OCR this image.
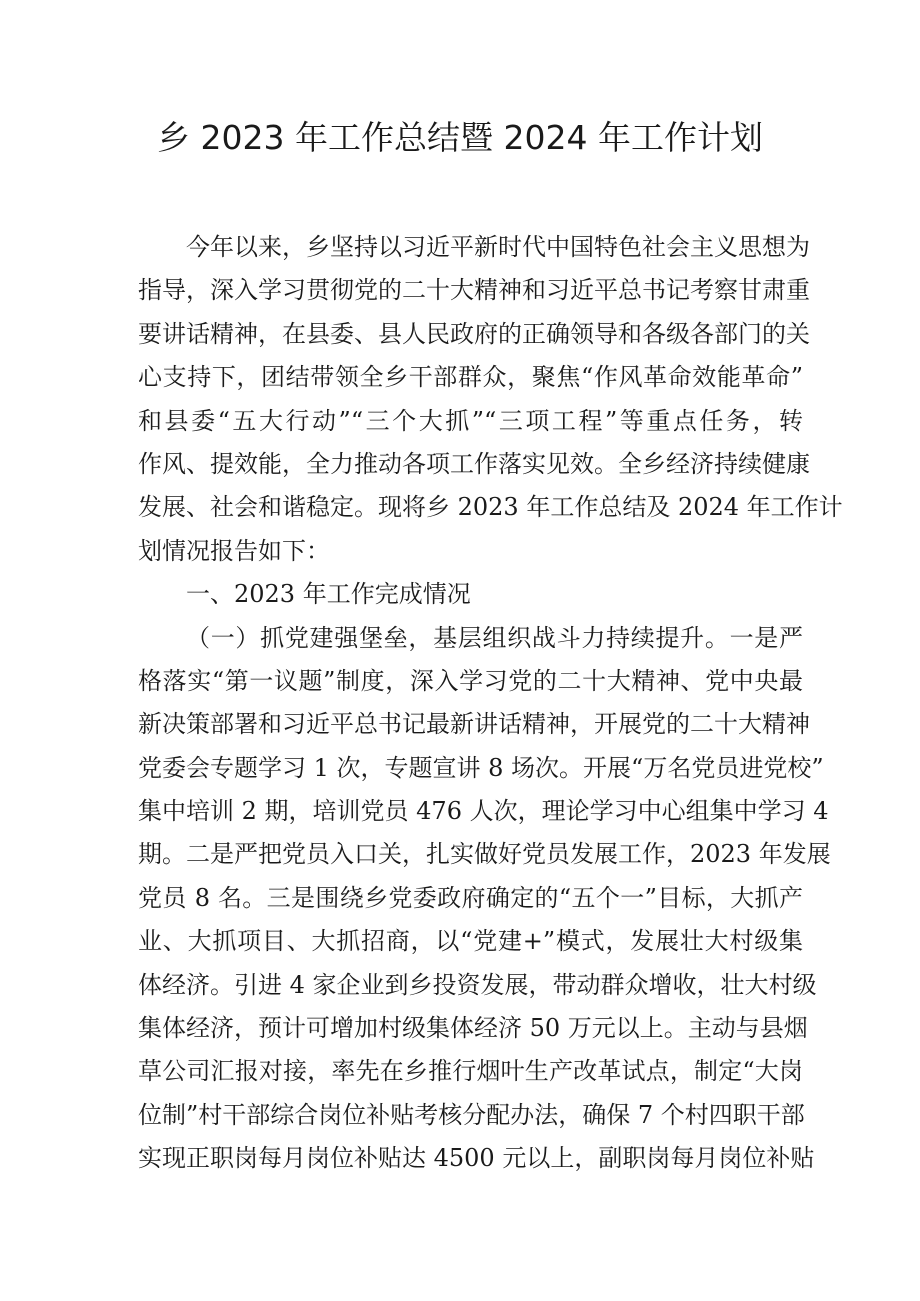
乡 2023 年工作总结暨 2024 年工作计划
今年以来，乡坚持以习近平新时代中国特色社会主义思想为
指导，深入学习贯彻党的二十大精神和习近平总书记考察甘肃重
要讲话精神，在县委、县人民政府的正确领导和各级各部门的关
心支持下，团结带领全乡干部群众，聚焦“作风革命效能革命”
和县委“五大行动”“三个大抓”“三项工程”等重点任务，转
作风、提效能，全力推动各项工作落实见效。全乡经济持续健康
发展、社会和谐稳定。现将乡 2023 年工作总结及 2024 年工作计
划情况报告如下：
一、2023 年工作完成情况
（一）抓党建强堡垒，基层组织战斗力持续提升。一是严
格落实“第一议题”制度，深入学习党的二十大精神、党中央最
新决策部署和习近平总书记最新讲话精神，开展党的二十大精神
党委会专题学习 1 次，专题宣讲 8 场次。开展“万名党员进党校”
集中培训 2 期，培训党员 476 人次，理论学习中心组集中学习 4
期。二是严把党员入口关，扎实做好党员发展工作，2023 年发展
党员 8 名。三是围绕乡党委政府确定的“五个一”目标，大抓产
业、大抓项目、大抓招商，以“党建+”模式，发展壮大村级集
体经济。引进 4 家企业到乡投资发展，带动群众增收，壮大村级
集体经济，预计可增加村级集体经济 50 万元以上。主动与县烟
草公司汇报对接，率先在乡推行烟叶生产改革试点，制定“大岗
位制”村干部综合岗位补贴考核分配办法，确保 7 个村四职干部
实现正职岗每月岗位补贴达 4500 元以上，副职岗每月岗位补贴
